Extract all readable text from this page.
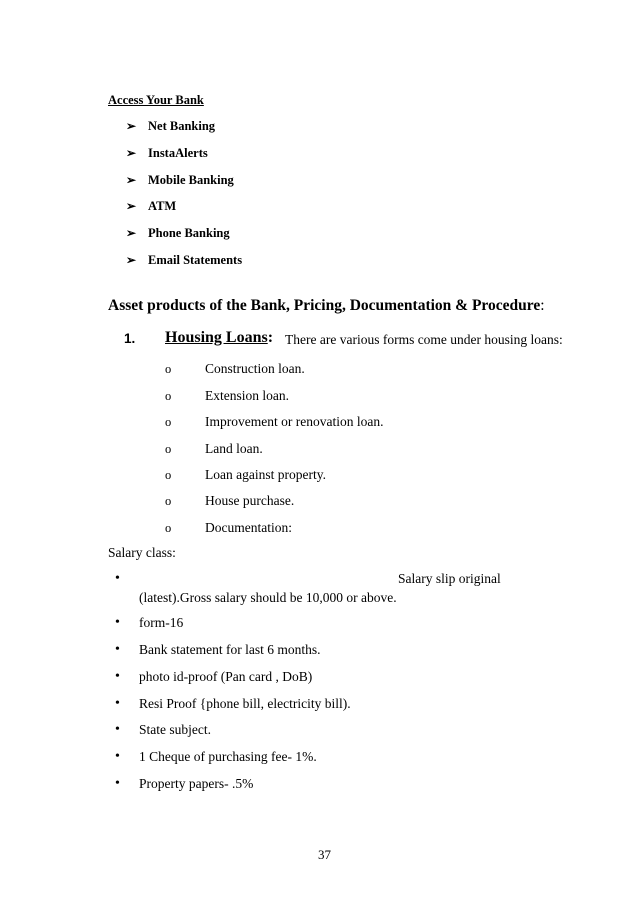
Access Your Bank
➢ Net Banking
➢ InstaAlerts
➢ Mobile Banking
➢ ATM
➢ Phone Banking
➢ Email Statements
Asset products of the Bank, Pricing, Documentation & Procedure:
1. Housing Loans: There are various forms come under housing loans:
o	Construction loan.
o	Extension loan.
o	Improvement or renovation loan.
o	Land loan.
o	Loan against property.
o	House purchase.
o	Documentation:
Salary class:
•	Salary slip original
(latest).Gross salary should be 10,000 or above.
• form-16
• Bank statement for last 6 months.
• photo id-proof (Pan card , DoB)
• Resi Proof {phone bill, electricity bill).
• State subject.
• 1 Cheque of purchasing fee- 1%.
• Property papers- .5%
37
